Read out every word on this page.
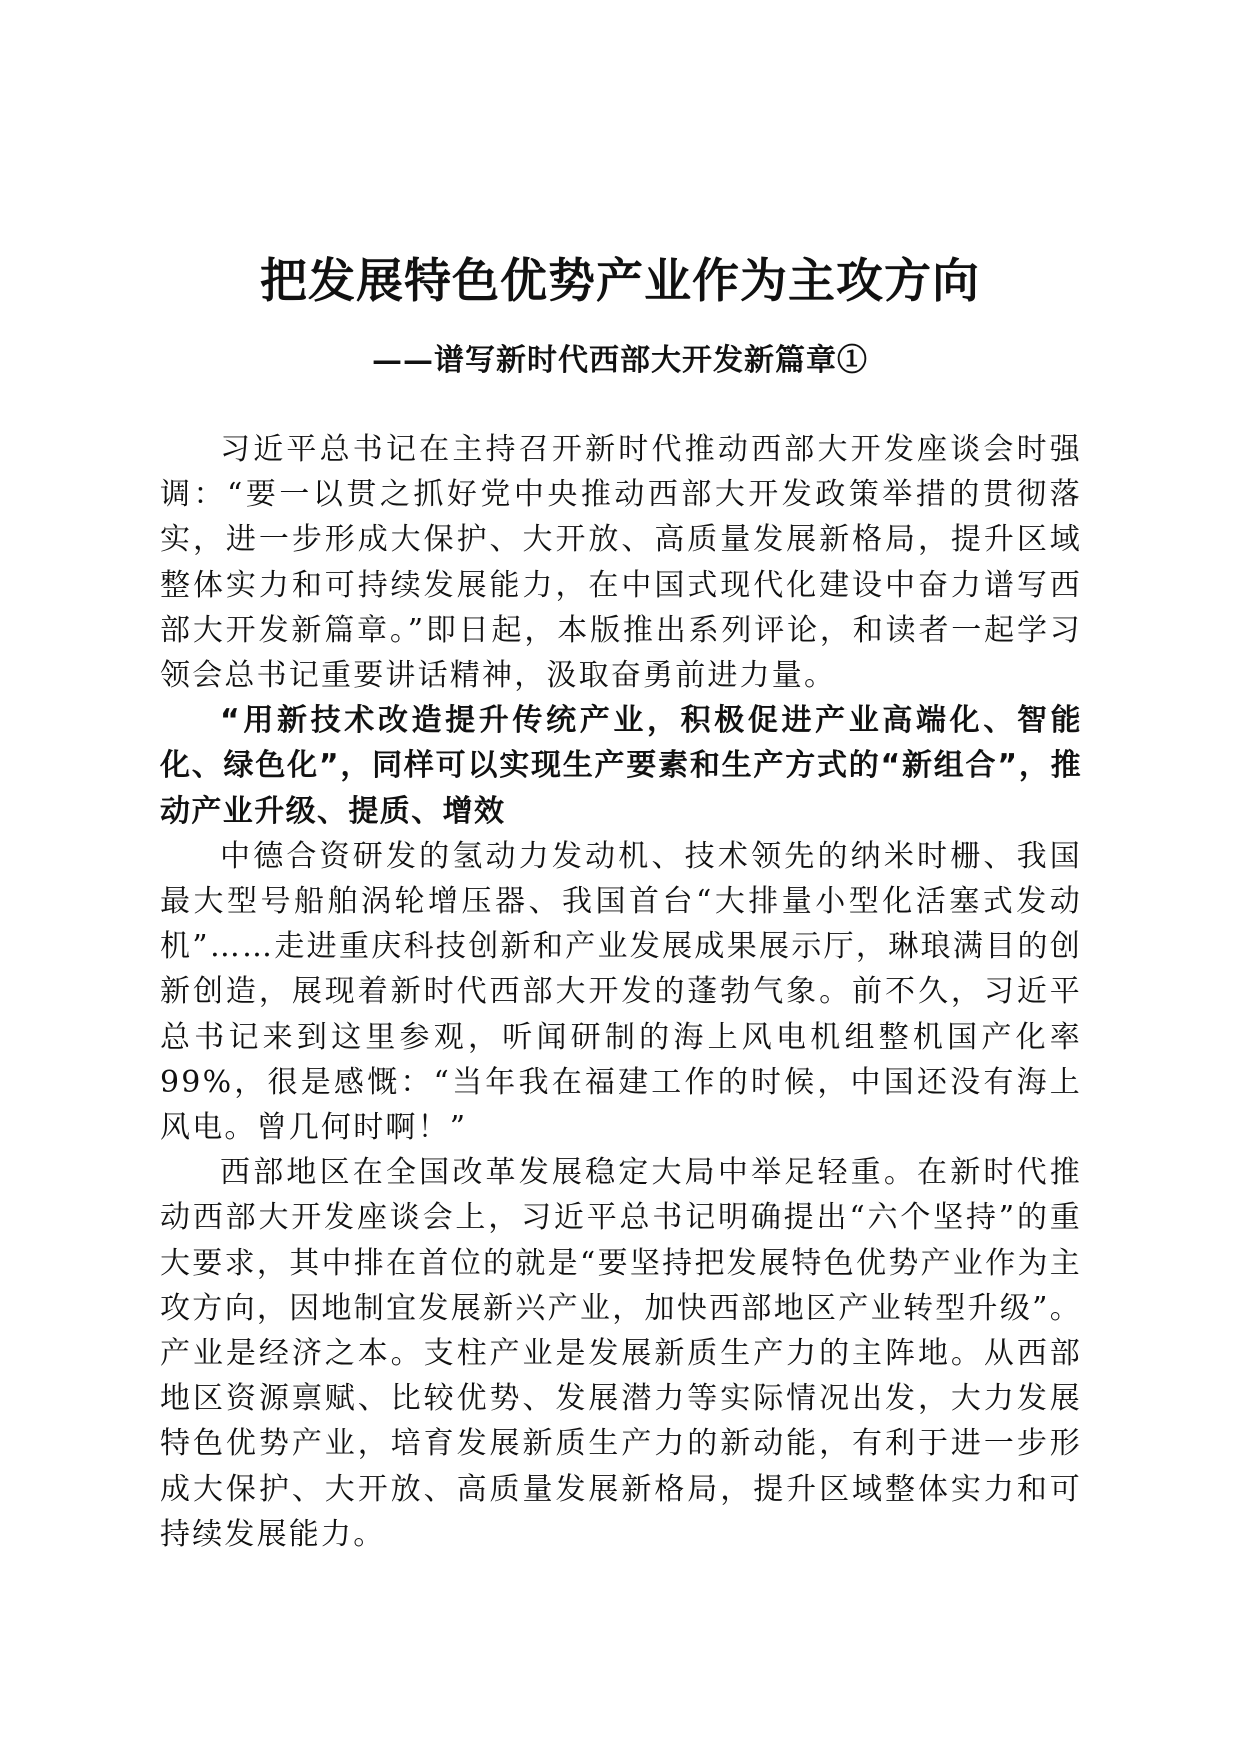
把发展特色优势产业作为主攻方向
——谱写新时代西部大开发新篇章①

习近平总书记在主持召开新时代推动西部大开发座谈会时强调：“要一以贯之抓好党中央推动西部大开发政策举措的贯彻落实，进一步形成大保护、大开放、高质量发展新格局，提升区域整体实力和可持续发展能力，在中国式现代化建设中奋力谱写西部大开发新篇章。”即日起，本版推出系列评论，和读者一起学习领会总书记重要讲话精神，汲取奋勇前进力量。

“用新技术改造提升传统产业，积极促进产业高端化、智能化、绿色化”，同样可以实现生产要素和生产方式的“新组合”，推动产业升级、提质、增效

中德合资研发的氢动力发动机、技术领先的纳米时栅、我国最大型号船舶涡轮增压器、我国首台“大排量小型化活塞式发动机”……走进重庆科技创新和产业发展成果展示厅，琳琅满目的创新创造，展现着新时代西部大开发的蓬勃气象。前不久，习近平总书记来到这里参观，听闻研制的海上风电机组整机国产化率99%，很是感慨：“当年我在福建工作的时候，中国还没有海上风电。曾几何时啊！”

西部地区在全国改革发展稳定大局中举足轻重。在新时代推动西部大开发座谈会上，习近平总书记明确提出“六个坚持”的重大要求，其中排在首位的就是“要坚持把发展特色优势产业作为主攻方向，因地制宜发展新兴产业，加快西部地区产业转型升级”。产业是经济之本。支柱产业是发展新质生产力的主阵地。从西部地区资源禀赋、比较优势、发展潜力等实际情况出发，大力发展特色优势产业，培育发展新质生产力的新动能，有利于进一步形成大保护、大开放、高质量发展新格局，提升区域整体实力和可持续发展能力。
